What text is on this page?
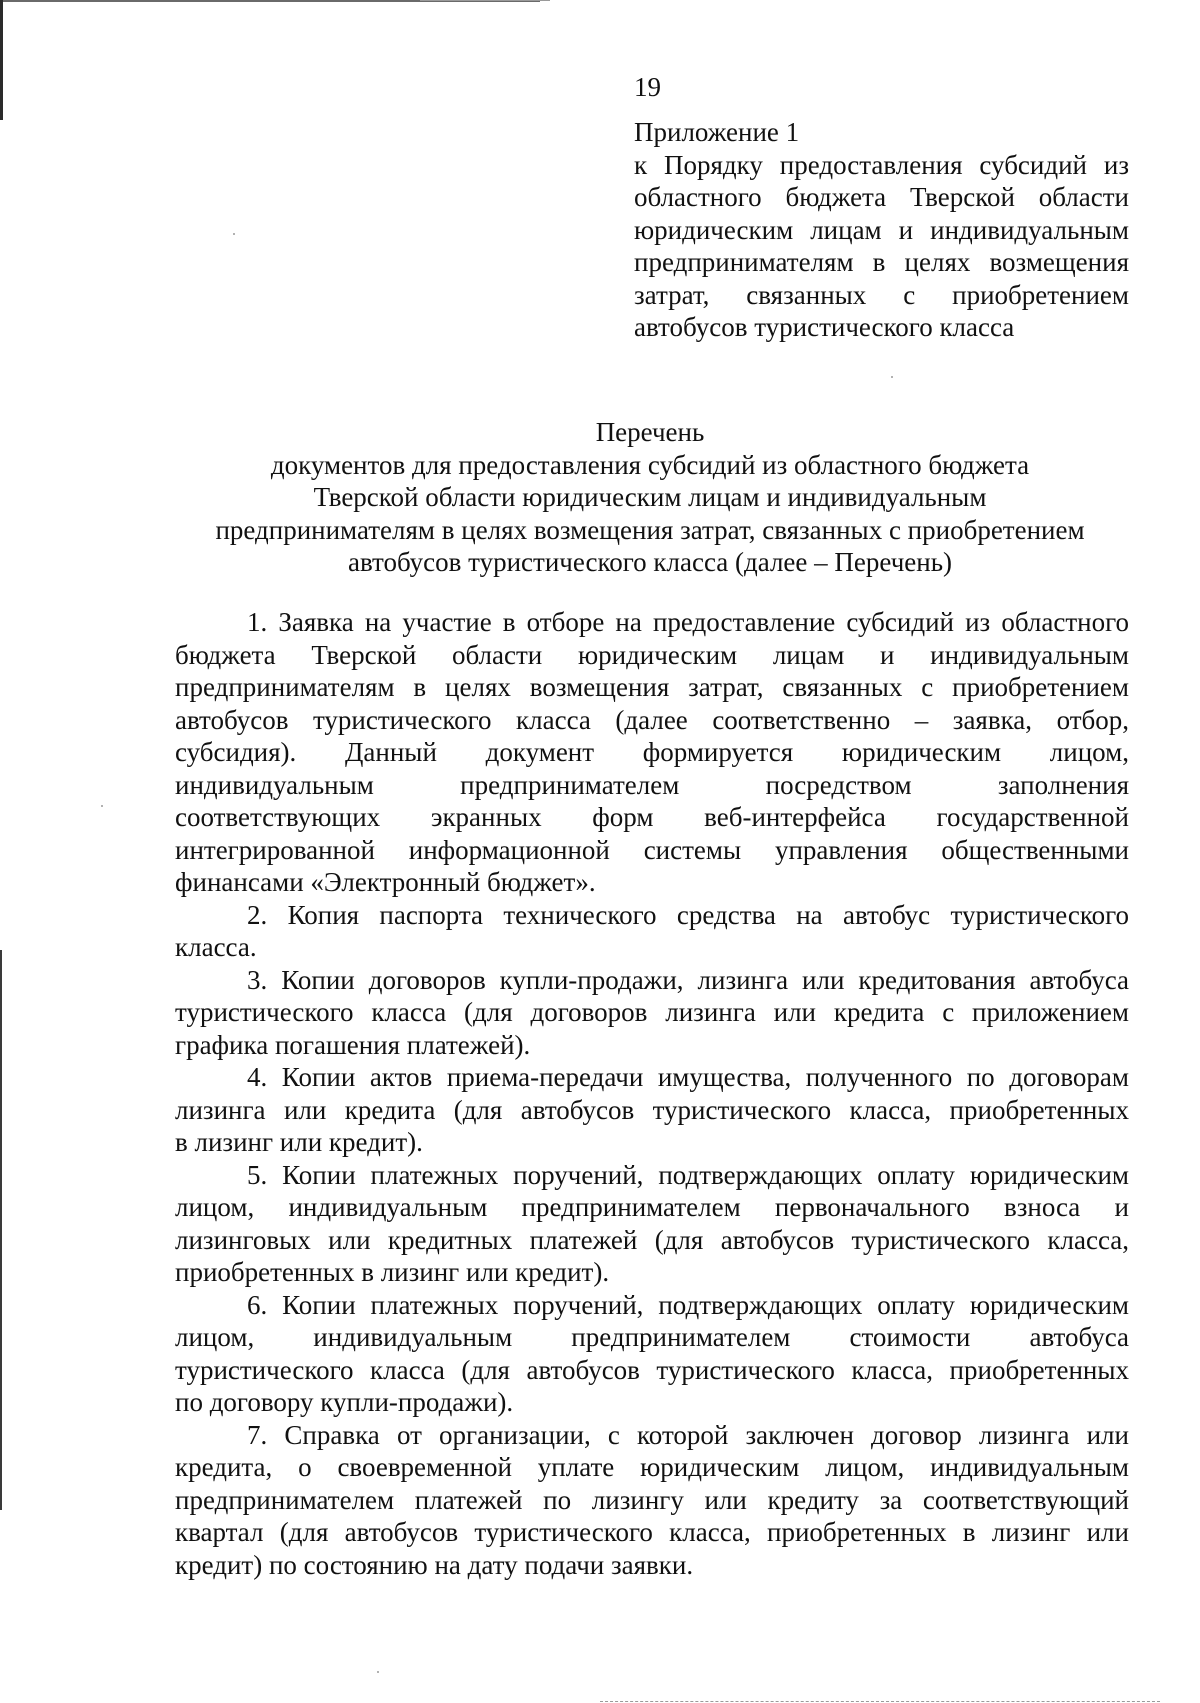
19
Приложение 1
к Порядку предоставления субсидий из
областного бюджета Тверской области
юридическим лицам и индивидуальным
предпринимателям в целях возмещения
затрат, связанных с приобретением
автобусов туристического класса
Перечень
документов для предоставления субсидий из областного бюджета
Тверской области юридическим лицам и индивидуальным
предпринимателям в целях возмещения затрат, связанных с приобретением
автобусов туристического класса (далее – Перечень)
1. Заявка на участие в отборе на предоставление субсидий из областного
бюджета Тверской области юридическим лицам и индивидуальным
предпринимателям в целях возмещения затрат, связанных с приобретением
автобусов туристического класса (далее соответственно – заявка, отбор,
субсидия). Данный документ формируется юридическим лицом,
индивидуальным предпринимателем посредством заполнения
соответствующих экранных форм веб-интерфейса государственной
интегрированной информационной системы управления общественными
финансами «Электронный бюджет».
2. Копия паспорта технического средства на автобус туристического
класса.
3. Копии договоров купли-продажи, лизинга или кредитования автобуса
туристического класса (для договоров лизинга или кредита с приложением
графика погашения платежей).
4. Копии актов приема-передачи имущества, полученного по договорам
лизинга или кредита (для автобусов туристического класса, приобретенных
в лизинг или кредит).
5. Копии платежных поручений, подтверждающих оплату юридическим
лицом, индивидуальным предпринимателем первоначального взноса и
лизинговых или кредитных платежей (для автобусов туристического класса,
приобретенных в лизинг или кредит).
6. Копии платежных поручений, подтверждающих оплату юридическим
лицом, индивидуальным предпринимателем стоимости автобуса
туристического класса (для автобусов туристического класса, приобретенных
по договору купли-продажи).
7. Справка от организации, с которой заключен договор лизинга или
кредита, о своевременной уплате юридическим лицом, индивидуальным
предпринимателем платежей по лизингу или кредиту за соответствующий
квартал (для автобусов туристического класса, приобретенных в лизинг или
кредит) по состоянию на дату подачи заявки.
